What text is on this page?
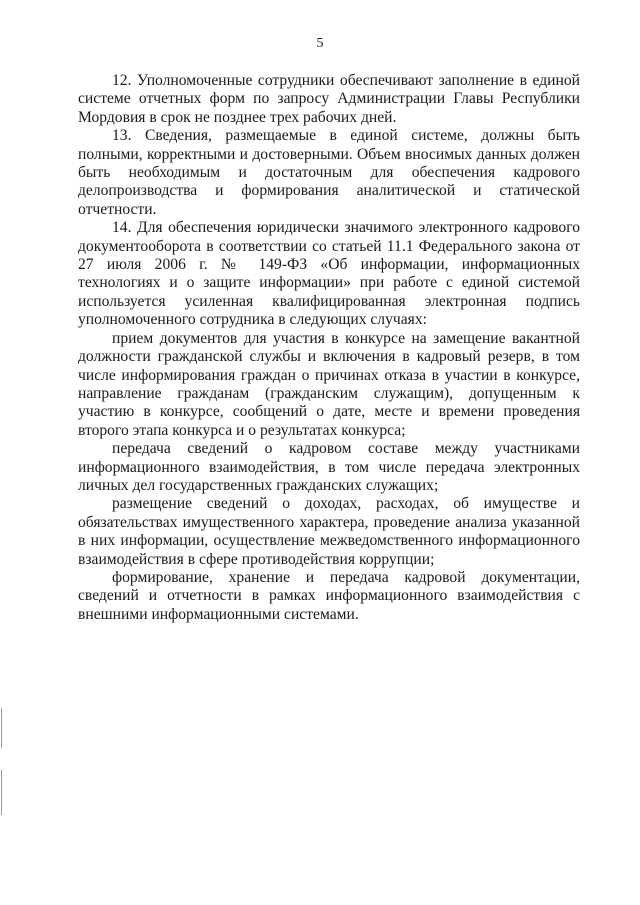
5

12. Уполномоченные сотрудники обеспечивают заполнение в единой системе отчетных форм по запросу Администрации Главы Республики Мордовия в срок не позднее трех рабочих дней.

13. Сведения, размещаемые в единой системе, должны быть полными, корректными и достоверными. Объем вносимых данных должен быть необходимым и достаточным для обеспечения кадрового делопроизводства и формирования аналитической и статической отчетности.

14. Для обеспечения юридически значимого электронного кадрового документооборота в соответствии со статьей 11.1 Федерального закона от 27 июля 2006 г. № 149-ФЗ «Об информации, информационных технологиях и о защите информации» при работе с единой системой используется усиленная квалифицированная электронная подпись уполномоченного сотрудника в следующих случаях:

прием документов для участия в конкурсе на замещение вакантной должности гражданской службы и включения в кадровый резерв, в том числе информирования граждан о причинах отказа в участии в конкурсе, направление гражданам (гражданским служащим), допущенным к участию в конкурсе, сообщений о дате, месте и времени проведения второго этапа конкурса и о результатах конкурса;

передача сведений о кадровом составе между участниками информационного взаимодействия, в том числе передача электронных личных дел государственных гражданских служащих;

размещение сведений о доходах, расходах, об имуществе и обязательствах имущественного характера, проведение анализа указанной в них информации, осуществление межведомственного информационного взаимодействия в сфере противодействия коррупции;

формирование, хранение и передача кадровой документации, сведений и отчетности в рамках информационного взаимодействия с внешними информационными системами.
